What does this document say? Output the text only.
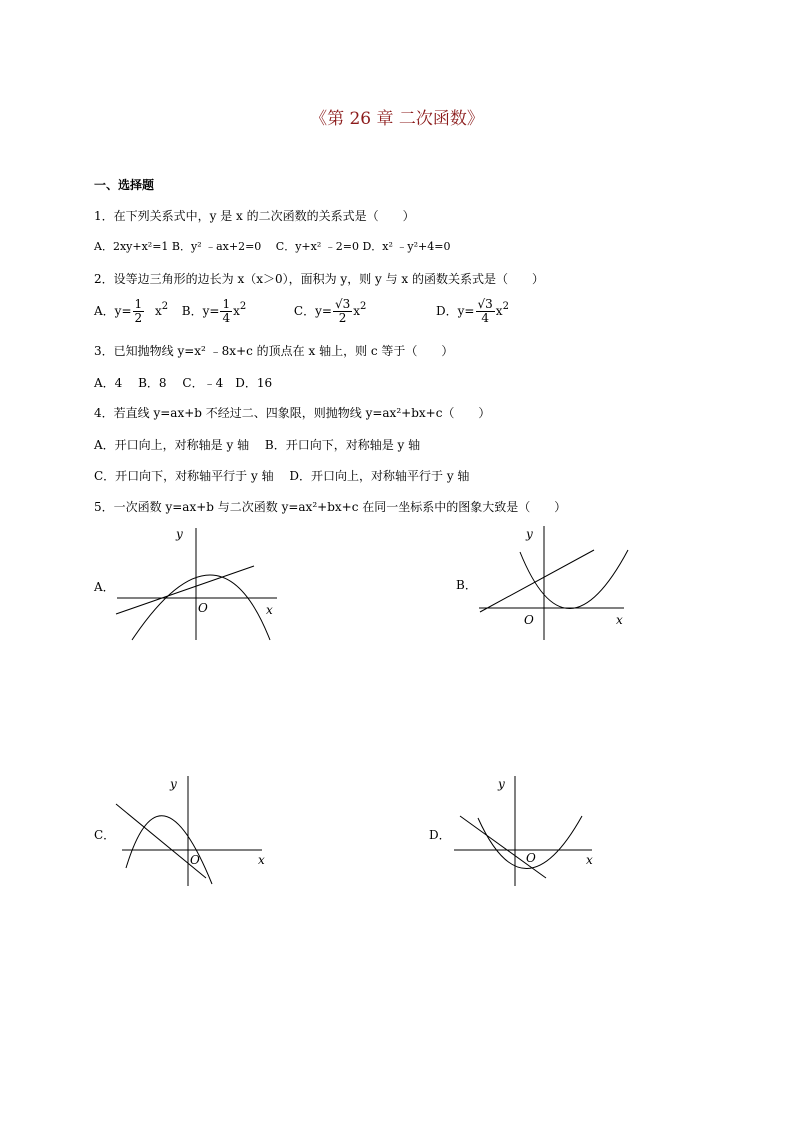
《第 26 章 二次函数》
一、选择题
1．在下列关系式中，y 是 x 的二次函数的关系式是（　　）
A．2xy+x²=1 B．y² ﹣ax+2=0　 C．y+x² ﹣2=0 D．x² ﹣y²+4=0
2．设等边三角形的边长为 x（x＞0），面积为 y，则 y 与 x 的函数关系式是（　　）
A．$y= \frac{1}{2} x^2$ B．$y= \frac{1}{4} x^2$	C．$y= \frac{√3}{2} x^2$	D．$y= \frac{√3}{4} x^2$
3．已知抛物线 y=x² ﹣8x+c 的顶点在 x 轴上，则 c 等于（　　）
A．4　 B．8　 C．﹣4　D．16
4．若直线 y=ax+b 不经过二、四象限，则抛物线 y=ax²+bx+c（　　）
A．开口向上，对称轴是 y 轴　 B．开口向下，对称轴是 y 轴
C．开口向下，对称轴平行于 y 轴　 D．开口向上，对称轴平行于 y 轴
5．一次函数 y=ax+b 与二次函数 y=ax²+bx+c 在同一坐标系中的图象大致是（　　）
A．
y
x
O
B．
y
x
O
C．
y
x
O
D．
y
x
O
